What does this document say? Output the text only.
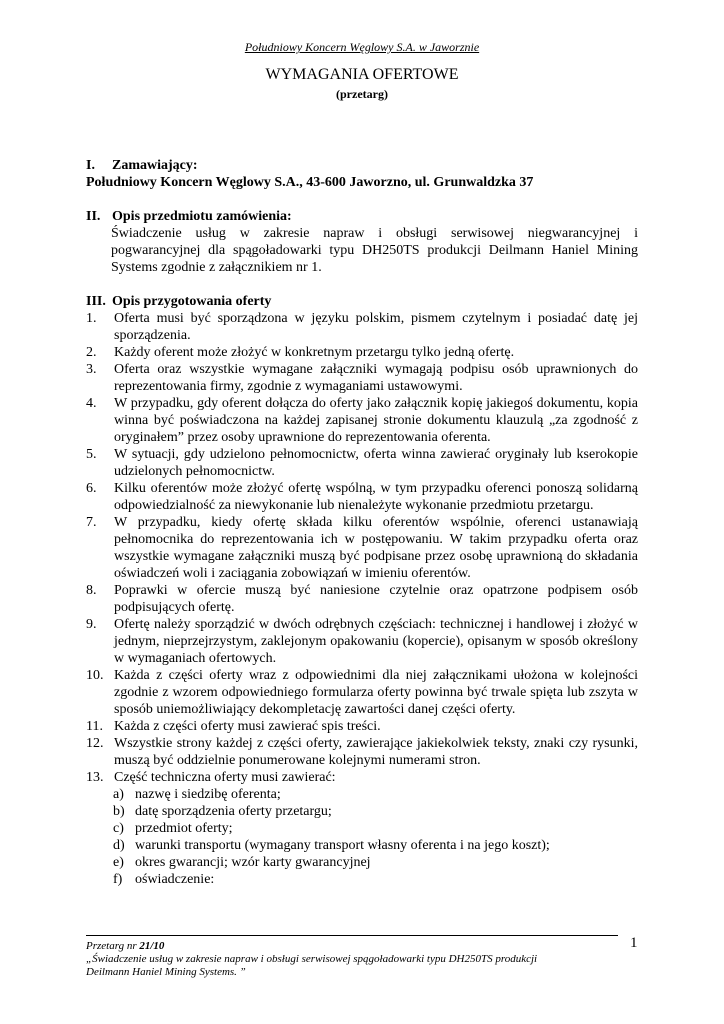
Południowy Koncern Węglowy S.A. w Jaworznie
WYMAGANIA OFERTOWE
(przetarg)
I.	Zamawiający:
Południowy Koncern Węglowy S.A., 43-600 Jaworzno, ul. Grunwaldzka 37
II. Opis przedmiotu zamówienia:
Świadczenie usług w zakresie napraw i obsługi serwisowej niegwarancyjnej i pogwarancyjnej dla spągoładowarki typu DH250TS produkcji Deilmann Haniel Mining Systems zgodnie z załącznikiem nr 1.
III. Opis przygotowania oferty
1.	Oferta musi być sporządzona w języku polskim, pismem czytelnym i posiadać datę jej sporządzenia.
2.	Każdy oferent może złożyć w konkretnym przetargu tylko jedną ofertę.
3.	Oferta oraz wszystkie wymagane załączniki wymagają podpisu osób uprawnionych do reprezentowania firmy, zgodnie z wymaganiami ustawowymi.
4.	W przypadku, gdy oferent dołącza do oferty jako załącznik kopię jakiegoś dokumentu, kopia winna być poświadczona na każdej zapisanej stronie dokumentu klauzulą „za zgodność z oryginałem” przez osoby uprawnione do reprezentowania oferenta.
5.	W sytuacji, gdy udzielono pełnomocnictw, oferta winna zawierać oryginały lub kserokopie udzielonych pełnomocnictw.
6.	Kilku oferentów może złożyć ofertę wspólną, w tym przypadku oferenci ponoszą solidarną odpowiedzialność za niewykonanie lub nienależyte wykonanie przedmiotu przetargu.
7.	W przypadku, kiedy ofertę składa kilku oferentów wspólnie, oferenci ustanawiają pełnomocnika do reprezentowania ich w postępowaniu. W takim przypadku oferta oraz wszystkie wymagane załączniki muszą być podpisane przez osobę uprawnioną do składania oświadczeń woli i zaciągania zobowiązań w imieniu oferentów.
8.	Poprawki w ofercie muszą być naniesione czytelnie oraz opatrzone podpisem osób podpisujących ofertę.
9.	Ofertę należy sporządzić w dwóch odrębnych częściach: technicznej i handlowej i złożyć w jednym, nieprzejrzystym, zaklejonym opakowaniu (kopercie), opisanym w sposób określony w wymaganiach ofertowych.
10. Każda z części oferty wraz z odpowiednimi dla niej załącznikami ułożona w kolejności zgodnie z wzorem odpowiedniego formularza oferty powinna być trwale spięta lub zszyta w sposób uniemożliwiający dekompletację zawartości danej części oferty.
11. Każda z części oferty musi zawierać spis treści.
12. Wszystkie strony każdej z części oferty, zawierające jakiekolwiek teksty, znaki czy rysunki, muszą być oddzielnie ponumerowane kolejnymi numerami stron.
13. Część techniczna oferty musi zawierać:
a) nazwę i siedzibę oferenta;
b) datę sporządzenia oferty przetargu;
c) przedmiot oferty;
d) warunki transportu (wymagany transport własny oferenta i na jego koszt);
e) okres gwarancji; wzór karty gwarancyjnej
f) oświadczenie:
Przetarg nr 21/10
„Świadczenie usług w zakresie napraw i obsługi serwisowej spągoładowarki typu DH250TS produkcji
Deilmann Haniel Mining Systems. ”
1
